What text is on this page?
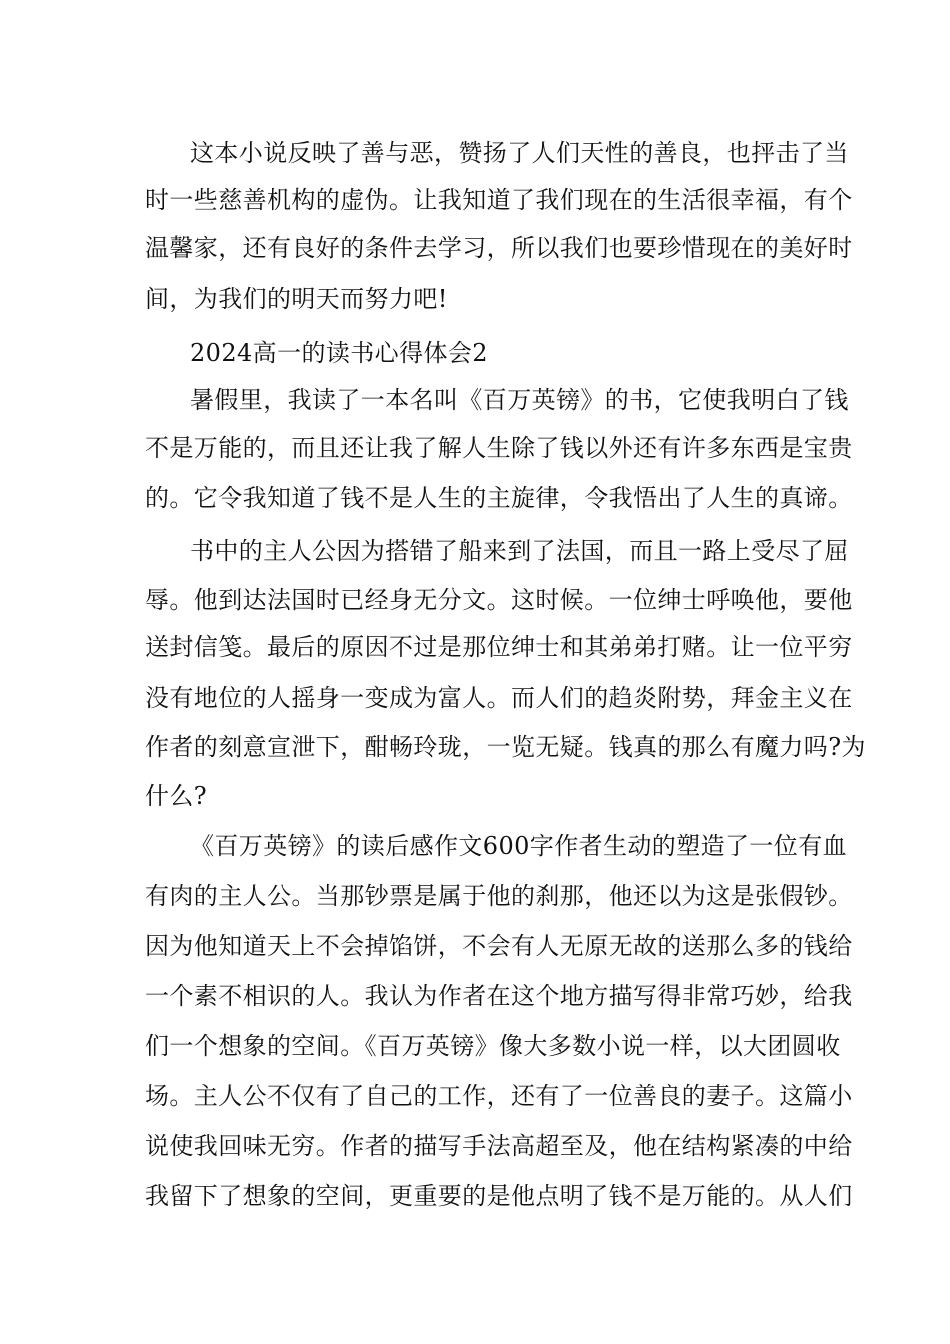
这本小说反映了善与恶，赞扬了人们天性的善良，也抨击了当
时一些慈善机构的虚伪。让我知道了我们现在的生活很幸福，有个
温馨家，还有良好的条件去学习，所以我们也要珍惜现在的美好时
间，为我们的明天而努力吧!
2024高一的读书心得体会2
暑假里，我读了一本名叫《百万英镑》的书，它使我明白了钱
不是万能的，而且还让我了解人生除了钱以外还有许多东西是宝贵
的。它令我知道了钱不是人生的主旋律，令我悟出了人生的真谛。
书中的主人公因为搭错了船来到了法国，而且一路上受尽了屈
辱。他到达法国时已经身无分文。这时候。一位绅士呼唤他，要他
送封信笺。最后的原因不过是那位绅士和其弟弟打赌。让一位平穷
没有地位的人摇身一变成为富人。而人们的趋炎附势，拜金主义在
作者的刻意宣泄下，酣畅玲珑，一览无疑。钱真的那么有魔力吗?为
什么?
《百万英镑》的读后感作文600字作者生动的塑造了一位有血
有肉的主人公。当那钞票是属于他的刹那，他还以为这是张假钞。
因为他知道天上不会掉馅饼，不会有人无原无故的送那么多的钱给
一个素不相识的人。我认为作者在这个地方描写得非常巧妙，给我
们一个想象的空间。《百万英镑》像大多数小说一样，以大团圆收
场。主人公不仅有了自己的工作，还有了一位善良的妻子。这篇小
说使我回味无穷。作者的描写手法高超至及，他在结构紧凑的中给
我留下了想象的空间，更重要的是他点明了钱不是万能的。从人们
